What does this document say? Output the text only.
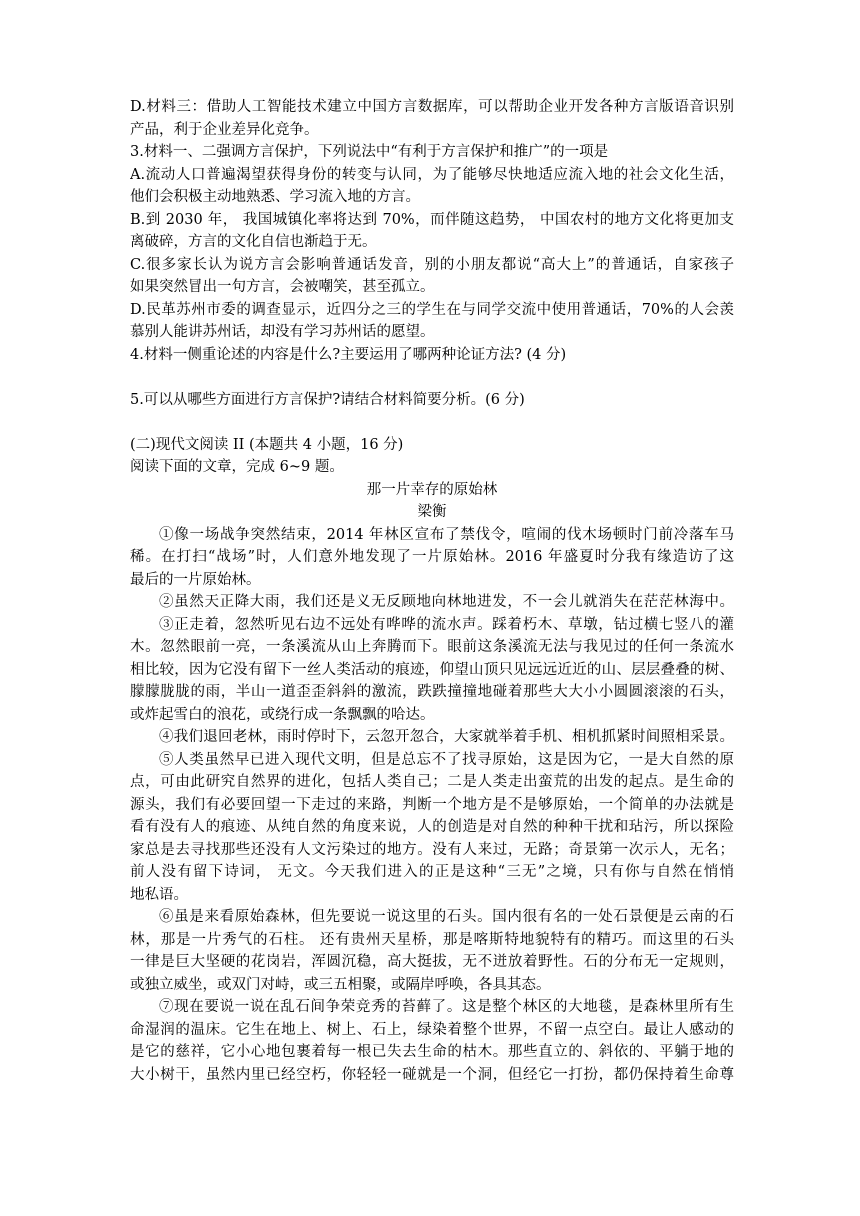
D.材料三：借助人工智能技术建立中国方言数据库，可以帮助企业开发各种方言版语音识别
产品，利于企业差异化竞争。
3.材料一、二强调方言保护，下列说法中“有利于方言保护和推广”的一项是
A.流动人口普遍渴望获得身份的转变与认同，为了能够尽快地适应流入地的社会文化生活，
他们会积极主动地熟悉、学习流入地的方言。
B.到 2030 年， 我国城镇化率将达到 70%，而伴随这趋势， 中国农村的地方文化将更加支
离破碎，方言的文化自信也渐趋于无。
C.很多家长认为说方言会影响普通话发音，别的小朋友都说“高大上”的普通话，自家孩子
如果突然冒出一句方言，会被嘲笑，甚至孤立。
D.民革苏州市委的调查显示，近四分之三的学生在与同学交流中使用普通话，70%的人会羡
慕别人能讲苏州话，却没有学习苏州话的愿望。
4.材料一侧重论述的内容是什么?主要运用了哪两种论证方法? (4 分)
5.可以从哪些方面进行方言保护?请结合材料简要分析。(6 分)
(二)现代文阅读 II (本题共 4 小题，16 分)
阅读下面的文章，完成 6~9 题。
那一片幸存的原始林
梁衡
①像一场战争突然结束，2014 年林区宣布了禁伐令，喧闹的伐木场顿时门前冷落车马
稀。在打扫“战场”时，人们意外地发现了一片原始林。2016 年盛夏时分我有缘造访了这
最后的一片原始林。
②虽然天正降大雨，我们还是义无反顾地向林地进发，不一会儿就消失在茫茫林海中。
③正走着，忽然听见右边不远处有哗哗的流水声。踩着朽木、草墩，钻过横七竖八的灌
木。忽然眼前一亮，一条溪流从山上奔腾而下。眼前这条溪流无法与我见过的任何一条流水
相比较，因为它没有留下一丝人类活动的痕迹，仰望山顶只见远远近近的山、层层叠叠的树、
朦朦胧胧的雨，半山一道歪歪斜斜的激流，跌跌撞撞地碰着那些大大小小圆圆滚滚的石头，
或炸起雪白的浪花，或绕行成一条飘飘的哈达。
④我们退回老林，雨时停时下，云忽开忽合，大家就举着手机、相机抓紧时间照相采景。
⑤人类虽然早已进入现代文明，但是总忘不了找寻原始，这是因为它，一是大自然的原
点，可由此研究自然界的进化，包括人类自己；二是人类走出蛮荒的出发的起点。是生命的
源头，我们有必要回望一下走过的来路，判断一个地方是不是够原始，一个简单的办法就是
看有没有人的痕迹、从纯自然的角度来说，人的创造是对自然的种种干扰和玷污，所以探险
家总是去寻找那些还没有人文污染过的地方。没有人来过，无路；奇景第一次示人，无名；
前人没有留下诗词， 无文。今天我们进入的正是这种“三无”之境，只有你与自然在悄悄
地私语。
⑥虽是来看原始森林，但先要说一说这里的石头。国内很有名的一处石景便是云南的石
林，那是一片秀气的石柱。 还有贵州天星桥，那是喀斯特地貌特有的精巧。而这里的石头
一律是巨大坚硬的花岗岩，浑圆沉稳，高大挺拔，无不迸放着野性。石的分布无一定规则，
或独立威坐，或双门对峙，或三五相聚，或隔岸呼唤，各具其态。
⑦现在要说一说在乱石间争荣竞秀的苔藓了。这是整个林区的大地毯，是森林里所有生
命湿润的温床。它生在地上、树上、石上，绿染着整个世界，不留一点空白。最让人感动的
是它的慈祥，它小心地包裹着每一根已失去生命的枯木。那些直立的、斜依的、平躺于地的
大小树干，虽然内里已经空朽，你轻轻一碰就是一个洞，但经它一打扮，都仍保持着生命尊
